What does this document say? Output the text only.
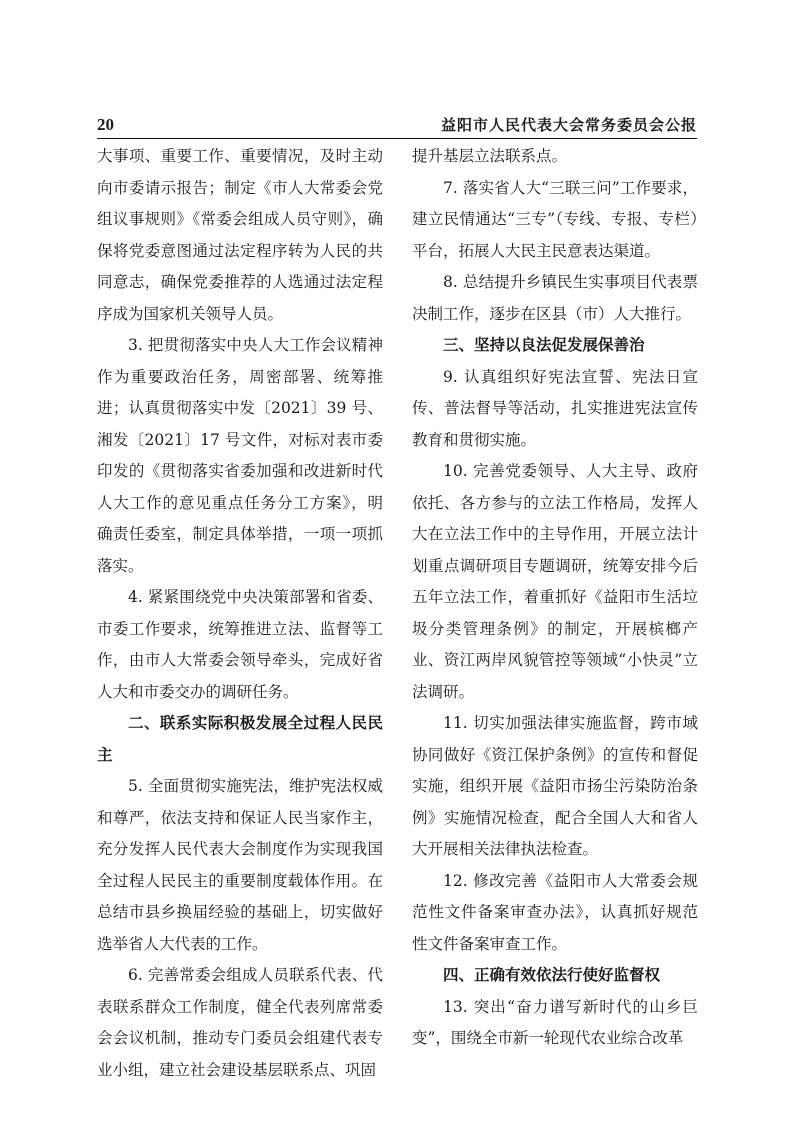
20	益阳市人民代表大会常务委员会公报

大事项、重要工作、重要情况，及时主动向市委请示报告；制定《市人大常委会党组议事规则》《常委会组成人员守则》，确保将党委意图通过法定程序转为人民的共同意志，确保党委推荐的人选通过法定程序成为国家机关领导人员。

3. 把贯彻落实中央人大工作会议精神作为重要政治任务，周密部署、统筹推进；认真贯彻落实中发〔2021〕39 号、湘发〔2021〕17 号文件，对标对表市委印发的《贯彻落实省委加强和改进新时代人大工作的意见重点任务分工方案》，明确责任委室，制定具体举措，一项一项抓落实。

4. 紧紧围绕党中央决策部署和省委、市委工作要求，统筹推进立法、监督等工作，由市人大常委会领导牵头，完成好省人大和市委交办的调研任务。

二、联系实际积极发展全过程人民民主

5. 全面贯彻实施宪法，维护宪法权威和尊严，依法支持和保证人民当家作主，充分发挥人民代表大会制度作为实现我国全过程人民民主的重要制度载体作用。在总结市县乡换届经验的基础上，切实做好选举省人大代表的工作。

6. 完善常委会组成人员联系代表、代表联系群众工作制度，健全代表列席常委会会议机制，推动专门委员会组建代表专业小组，建立社会建设基层联系点、巩固

提升基层立法联系点。

7. 落实省人大“三联三问”工作要求，建立民情通达“三专”（专线、专报、专栏）平台，拓展人大民主民意表达渠道。

8. 总结提升乡镇民生实事项目代表票决制工作，逐步在区县（市）人大推行。

三、坚持以良法促发展保善治

9. 认真组织好宪法宣誓、宪法日宣传、普法督导等活动，扎实推进宪法宣传教育和贯彻实施。

10. 完善党委领导、人大主导、政府依托、各方参与的立法工作格局，发挥人大在立法工作中的主导作用，开展立法计划重点调研项目专题调研，统筹安排今后五年立法工作，着重抓好《益阳市生活垃圾分类管理条例》的制定，开展槟榔产业、资江两岸风貌管控等领域“小快灵”立法调研。

11. 切实加强法律实施监督，跨市域协同做好《资江保护条例》的宣传和督促实施，组织开展《益阳市扬尘污染防治条例》实施情况检查，配合全国人大和省人大开展相关法律执法检查。

12. 修改完善《益阳市人大常委会规范性文件备案审查办法》，认真抓好规范性文件备案审查工作。

四、正确有效依法行使好监督权

13. 突出“奋力谱写新时代的山乡巨变”，围绕全市新一轮现代农业综合改革
